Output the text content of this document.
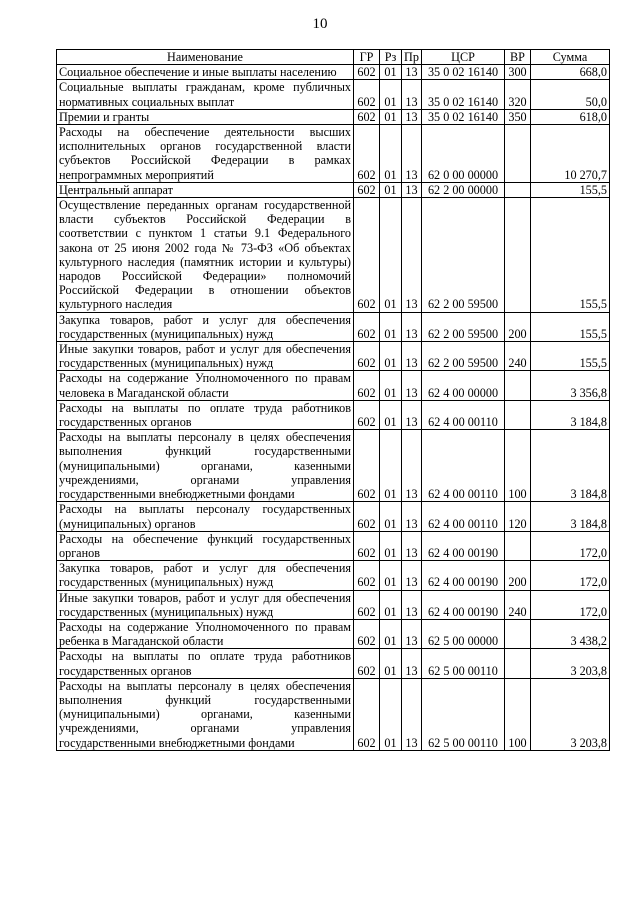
10
Наименование	ГР	Рз	Пр	ЦСР	ВР	Сумма
Социальное обеспечение и иные выплаты населению	602	01	13	35 0 02 16140	300	668,0
Социальные выплаты гражданам, кроме публичных нормативных социальных выплат	602	01	13	35 0 02 16140	320	50,0
Премии и гранты	602	01	13	35 0 02 16140	350	618,0
Расходы на обеспечение деятельности высших исполнительных органов государственной власти субъектов Российской Федерации в рамках непрограммных мероприятий	602	01	13	62 0 00 00000		10 270,7
Центральный аппарат	602	01	13	62 2 00 00000		155,5
Осуществление переданных органам государственной власти субъектов Российской Федерации в соответствии с пунктом 1 статьи 9.1 Федерального закона от 25 июня 2002 года № 73-ФЗ «Об объектах культурного наследия (памятник истории и культуры) народов Российской Федерации» полномочий Российской Федерации в отношении объектов культурного наследия	602	01	13	62 2 00 59500		155,5
Закупка товаров, работ и услуг для обеспечения государственных (муниципальных) нужд	602	01	13	62 2 00 59500	200	155,5
Иные закупки товаров, работ и услуг для обеспечения государственных (муниципальных) нужд	602	01	13	62 2 00 59500	240	155,5
Расходы на содержание Уполномоченного по правам человека в Магаданской области	602	01	13	62 4 00 00000		3 356,8
Расходы на выплаты по оплате труда работников государственных органов	602	01	13	62 4 00 00110		3 184,8
Расходы на выплаты персоналу в целях обеспечения выполнения функций государственными (муниципальными) органами, казенными учреждениями, органами управления государственными внебюджетными фондами	602	01	13	62 4 00 00110	100	3 184,8
Расходы на выплаты персоналу государственных (муниципальных) органов	602	01	13	62 4 00 00110	120	3 184,8
Расходы на обеспечение функций государственных органов	602	01	13	62 4 00 00190		172,0
Закупка товаров, работ и услуг для обеспечения государственных (муниципальных) нужд	602	01	13	62 4 00 00190	200	172,0
Иные закупки товаров, работ и услуг для обеспечения государственных (муниципальных) нужд	602	01	13	62 4 00 00190	240	172,0
Расходы на содержание Уполномоченного по правам ребенка в Магаданской области	602	01	13	62 5 00 00000		3 438,2
Расходы на выплаты по оплате труда работников государственных органов	602	01	13	62 5 00 00110		3 203,8
Расходы на выплаты персоналу в целях обеспечения выполнения функций государственными (муниципальными) органами, казенными учреждениями, органами управления государственными внебюджетными фондами	602	01	13	62 5 00 00110	100	3 203,8
